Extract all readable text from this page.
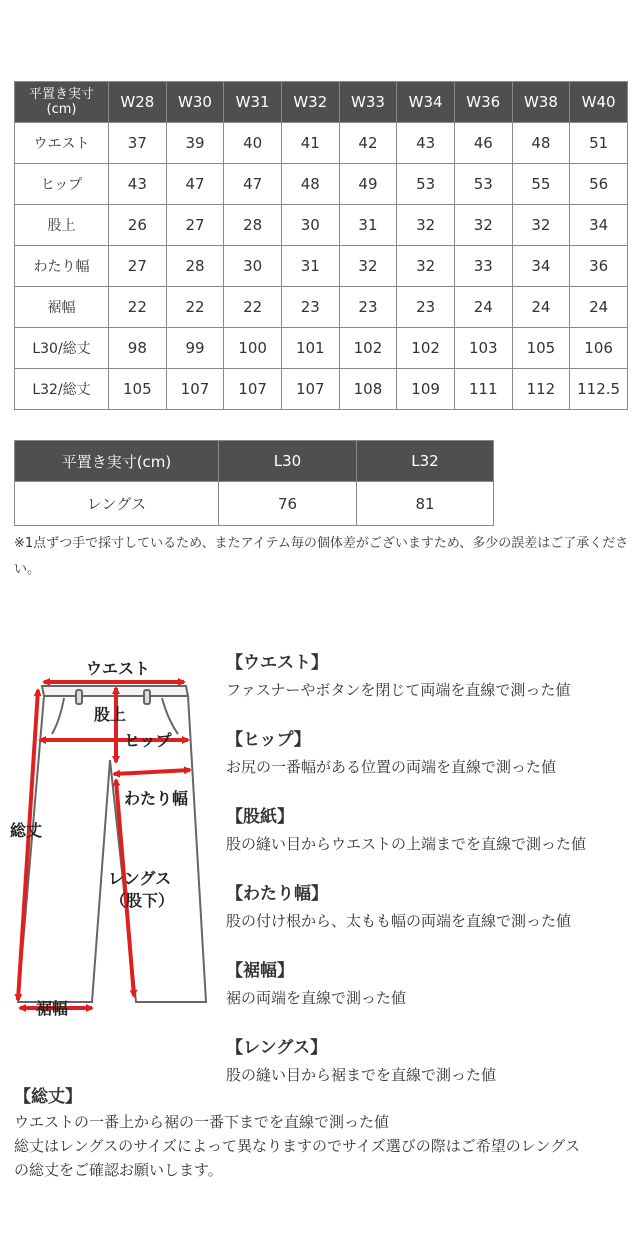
平置き実寸
(cm)	W28	W30	W31	W32	W33	W34	W36	W38	W40
ウエスト	37	39	40	41	42	43	46	48	51
ヒップ	43	47	47	48	49	53	53	55	56
股上	26	27	28	30	31	32	32	32	34
わたり幅	27	28	30	31	32	32	33	34	36
裾幅	22	22	22	23	23	23	24	24	24
L30/総丈	98	99	100	101	102	102	103	105	106
L32/総丈	105	107	107	107	108	109	111	112	112.5
平置き実寸(cm)	L30	L32
レングス	76	81
※1点ずつ手で採寸しているため、またアイテム毎の個体差がございますため、多少の誤差はご了承ください。
ウエスト
股上
ヒップ
わたり幅
総丈
レングス
（股下）
裾幅
【ウエスト】
ファスナーやボタンを閉じて両端を直線で測った値
【ヒップ】
お尻の一番幅がある位置の両端を直線で測った値
【股紙】
股の縫い目からウエストの上端までを直線で測った値
【わたり幅】
股の付け根から、太もも幅の両端を直線で測った値
【裾幅】
裾の両端を直線で測った値
【レングス】
股の縫い目から裾までを直線で測った値
【総丈】
ウエストの一番上から裾の一番下までを直線で測った値
総丈はレングスのサイズによって異なりますのでサイズ選びの際はご希望のレングス
の総丈をご確認お願いします。
